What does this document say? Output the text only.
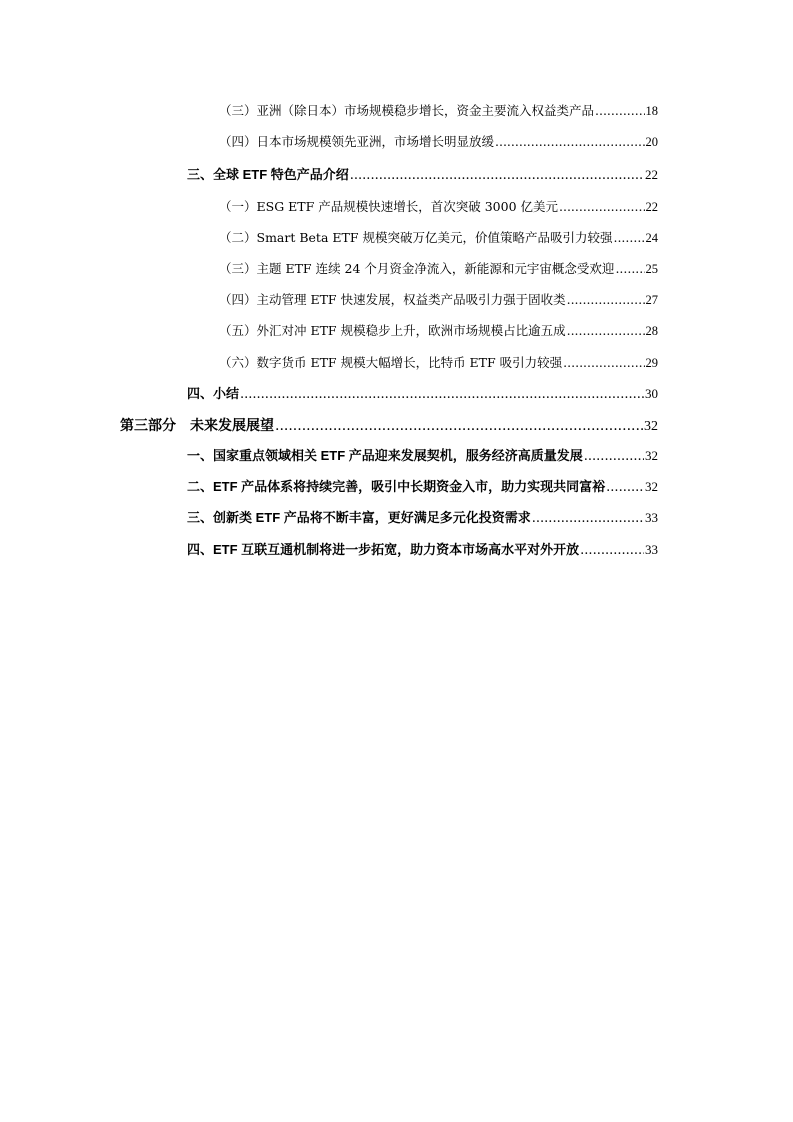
（三）亚洲（除日本）市场规模稳步增长，资金主要流入权益类产品 .....	18
（四）日本市场规模领先亚洲，市场增长明显放缓 .....	20
三、全球 ETF 特色产品介绍 .....	22
（一）ESG ETF 产品规模快速增长，首次突破 3000 亿美元 .....	22
（二）Smart Beta ETF 规模突破万亿美元，价值策略产品吸引力较强 .....	24
（三）主题 ETF 连续 24 个月资金净流入，新能源和元宇宙概念受欢迎 ..... 25
（四）主动管理 ETF 快速发展，权益类产品吸引力强于固收类 .....	27
（五）外汇对冲 ETF 规模稳步上升，欧洲市场规模占比逾五成 .....	28
（六）数字货币 ETF 规模大幅增长，比特币 ETF 吸引力较强 .....	29
四、小结 .....	30
第三部分　未来发展展望 .....	32
一、国家重点领域相关 ETF 产品迎来发展契机，服务经济高质量发展 .....	32
二、ETF 产品体系将持续完善，吸引中长期资金入市，助力实现共同富裕 .....	32
三、创新类 ETF 产品将不断丰富，更好满足多元化投资需求 .....	33
四、ETF 互联互通机制将进一步拓宽，助力资本市场高水平对外开放 .....	33
